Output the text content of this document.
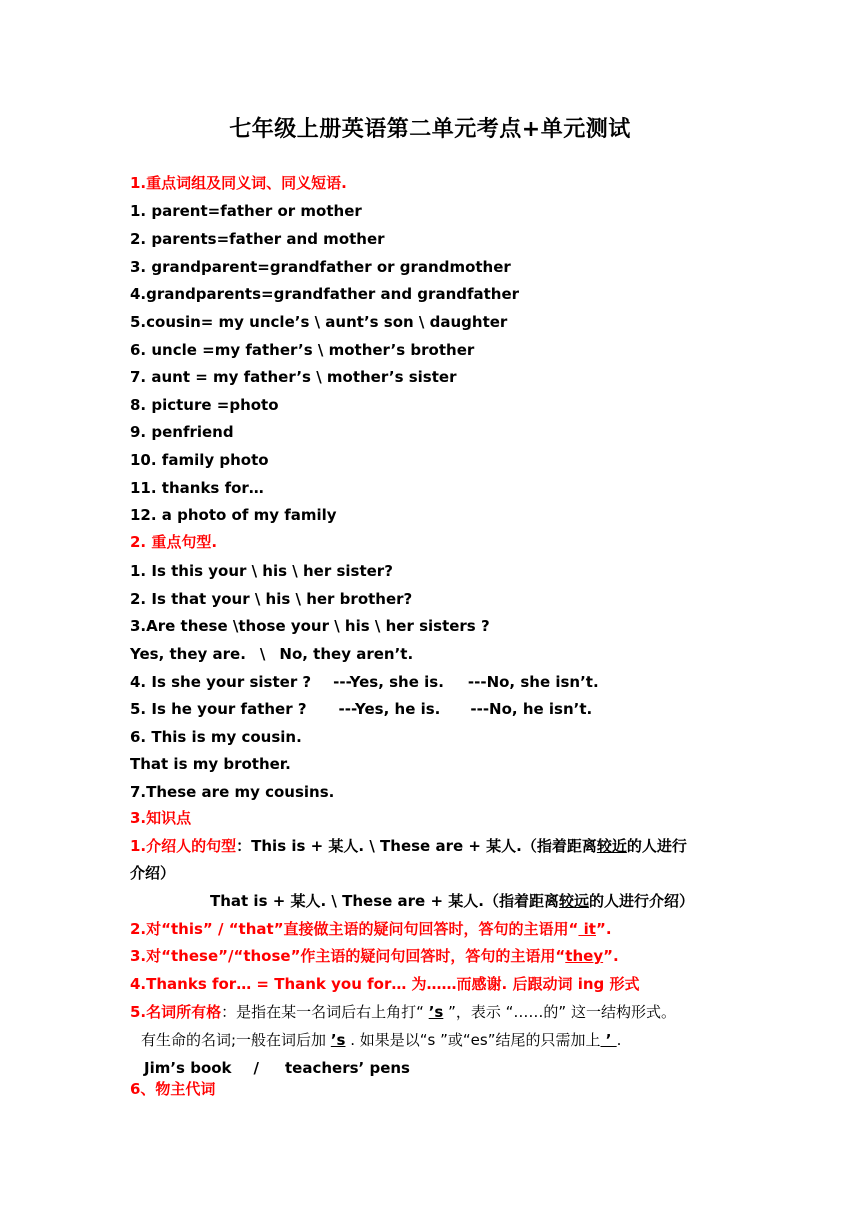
七年级上册英语第二单元考点+单元测试
1.重点词组及同义词、同义短语.
1. parent=father or mother
2. parents=father and mother
3. grandparent=grandfather or grandmother
4.grandparents=grandfather and grandfather
5.cousin= my uncle’s \ aunt’s son \ daughter
6. uncle =my father’s \ mother’s brother
7. aunt = my father’s \ mother’s sister
8. picture =photo
9. penfriend
10. family photo
11. thanks for…
12. a photo of my family
2. 重点句型.
1. Is this your \ his \ her sister?
2. Is that your \ his \ her brother?
3.Are these \those your \ his \ her sisters ?
Yes, they are. \ No, they aren’t.
4. Is she your sister ? ---Yes, she is. ---No, she isn’t.
5. Is he your father ? ---Yes, he is. ---No, he isn’t.
6. This is my cousin.
That is my brother.
7.These are my cousins.
3.知识点
1.介绍人的句型：This is + 某人. \ These are + 某人.（指着距离较近的人进行
介绍）
That is + 某人. \ These are + 某人.（指着距离较远的人进行介绍）
2.对“this” / “that”直接做主语的疑问句回答时，答句的主语用“ it”.
3.对“these”/“those”作主语的疑问句回答时，答句的主语用“they”.
4.Thanks for… = Thank you for… 为……而感谢. 后跟动词 ing 形式
5.名词所有格：是指在某一名词后右上角打“ ’s ”，表示 “……的” 这一结构形式。
有生命的名词;一般在词后加 ’s . 如果是以“s ”或“es”结尾的只需加上 ’ .
Jim’s book / teachers’ pens
6、物主代词
